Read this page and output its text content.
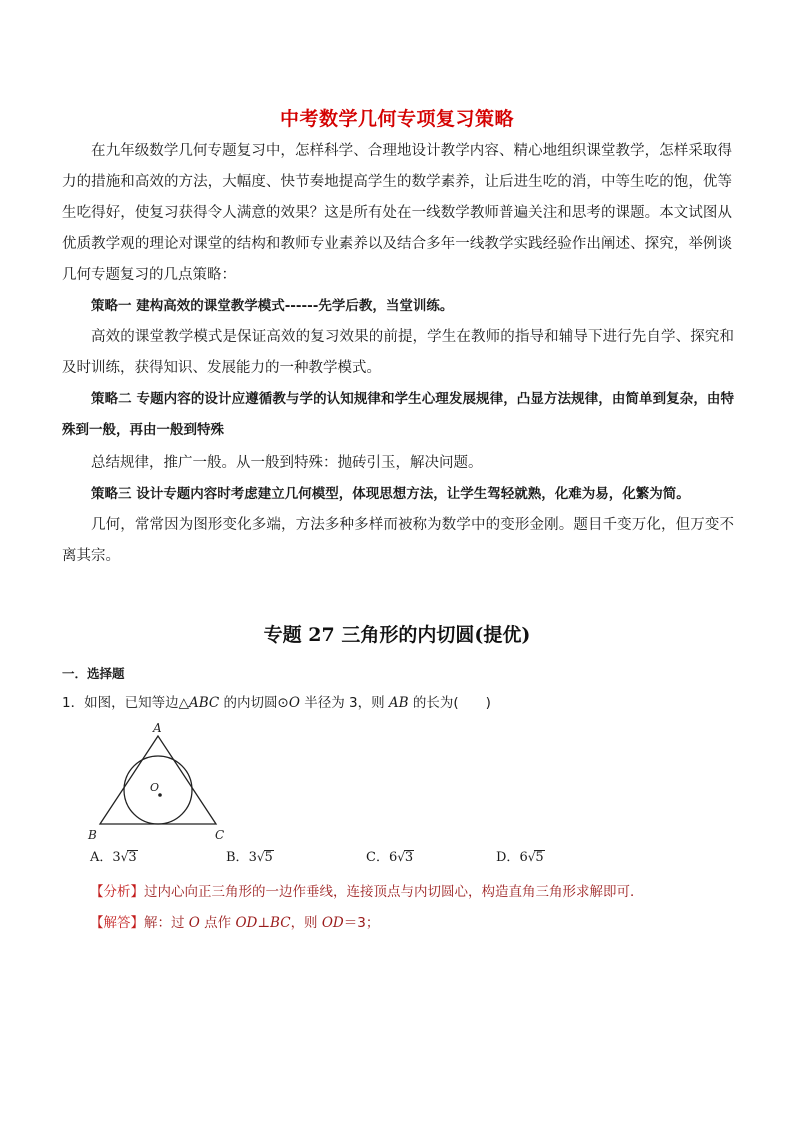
中考数学几何专项复习策略

在九年级数学几何专题复习中，怎样科学、合理地设计教学内容、精心地组织课堂教学，怎样采取得力的措施和高效的方法，大幅度、快节奏地提高学生的数学素养，让后进生吃的消，中等生吃的饱，优等生吃得好，使复习获得令人满意的效果？这是所有处在一线数学教师普遍关注和思考的课题。本文试图从优质教学观的理论对课堂的结构和教师专业素养以及结合多年一线教学实践经验作出阐述、探究，举例谈几何专题复习的几点策略：

策略一 建构高效的课堂教学模式------先学后教，当堂训练。

高效的课堂教学模式是保证高效的复习效果的前提，学生在教师的指导和辅导下进行先自学、探究和及时训练，获得知识、发展能力的一种教学模式。

策略二 专题内容的设计应遵循教与学的认知规律和学生心理发展规律，凸显方法规律，由简单到复杂，由特殊到一般，再由一般到特殊

总结规律，推广一般。从一般到特殊：抛砖引玉，解决问题。

策略三 设计专题内容时考虑建立几何模型，体现思想方法，让学生驾轻就熟，化难为易，化繁为简。

几何，常常因为图形变化多端，方法多种多样而被称为数学中的变形金刚。题目千变万化，但万变不离其宗。

专题 27 三角形的内切圆(提优)
一．选择题
1．如图，已知等边△ABC 的内切圆⊙O 半径为 3，则 AB 的长为(　　)
A
B	C
O
A．3√3	B．3√5	C．6√3	D．6√5
【分析】过内心向正三角形的一边作垂线，连接顶点与内切圆心，构造直角三角形求解即可．
【解答】解：过 O 点作 OD⊥BC，则 OD＝3；
